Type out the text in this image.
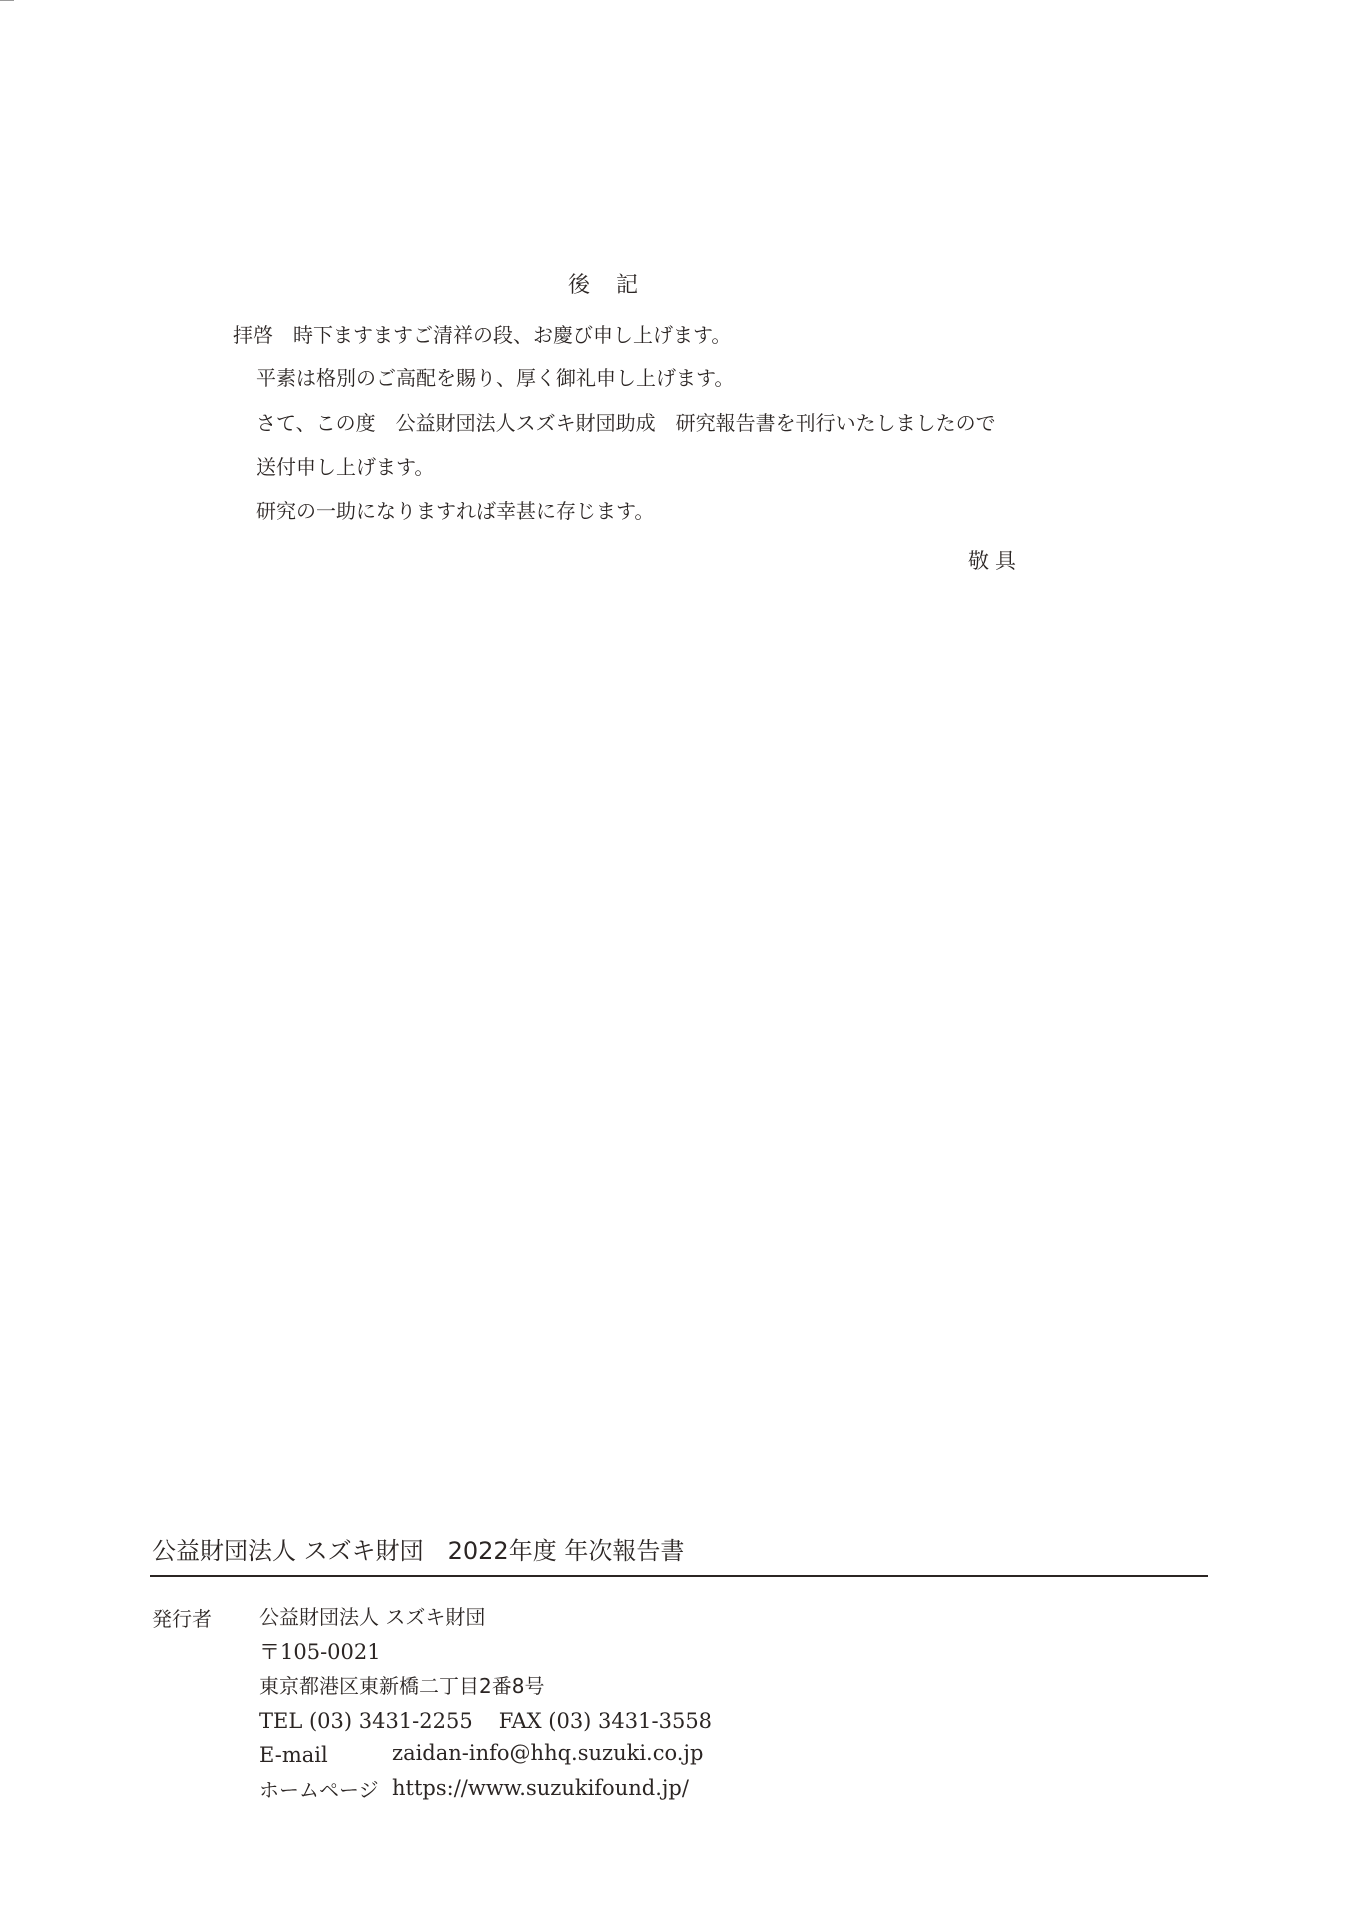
後　記
拝啓　時下ますますご清祥の段、お慶び申し上げます。
平素は格別のご高配を賜り、厚く御礼申し上げます。
さて、この度　公益財団法人スズキ財団助成　研究報告書を刊行いたしましたので
送付申し上げます。
研究の一助になりますれば幸甚に存じます。
敬具
公益財団法人 スズキ財団　2022年度 年次報告書
発行者 公益財団法人 スズキ財団
〒105-0021
東京都港区東新橋二丁目2番8号
TEL (03) 3431-2255 FAX (03) 3431-3558
E-mail	zaidan-info@hhq.suzuki.co.jp
ホームページ https://www.suzukifound.jp/
